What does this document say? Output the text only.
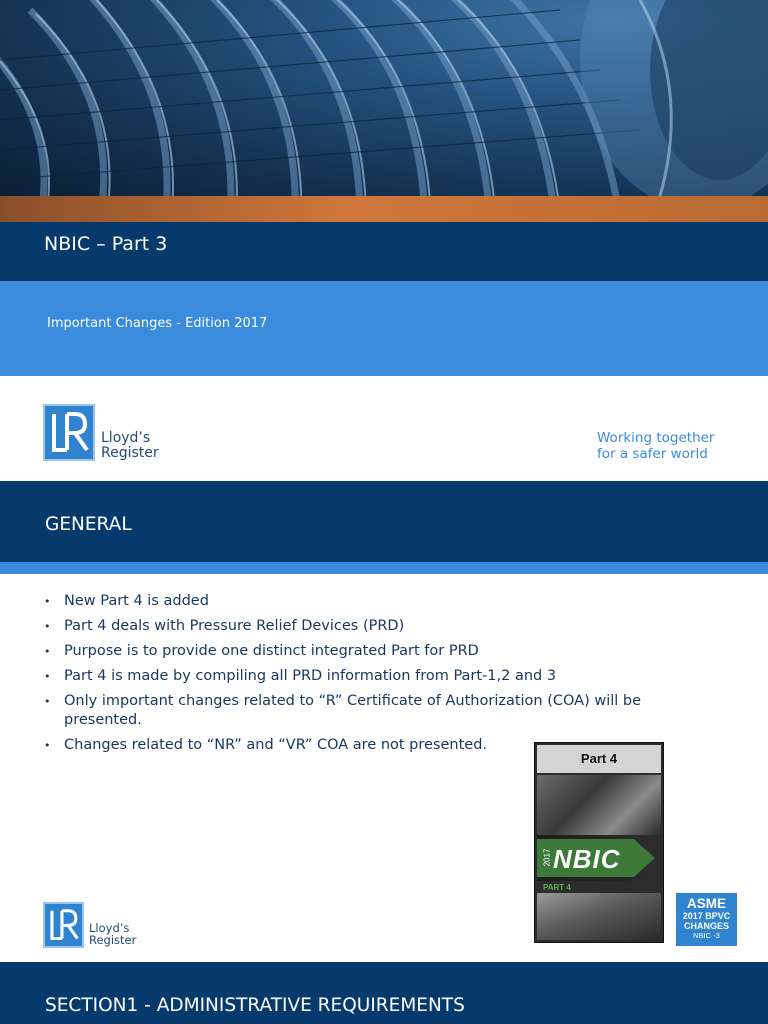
NBIC – Part 3
Important Changes - Edition 2017
Lloyd’s
Register
Working together
for a safer world
GENERAL
• New Part 4 is added
• Part 4 deals with Pressure Relief Devices (PRD)
• Purpose is to provide one distinct integrated Part for PRD
• Part 4 is made by compiling all PRD information from Part-1,2 and 3
• Only important changes related to “R” Certificate of Authorization (COA) will be presented.
• Changes related to “NR” and “VR” COA are not presented.
Part 4
2017 NBIC
PART 4
ASME
2017 BPVC
CHANGES
NBIC -3
Lloyd’s
Register
SECTION1 - ADMINISTRATIVE REQUIREMENTS
